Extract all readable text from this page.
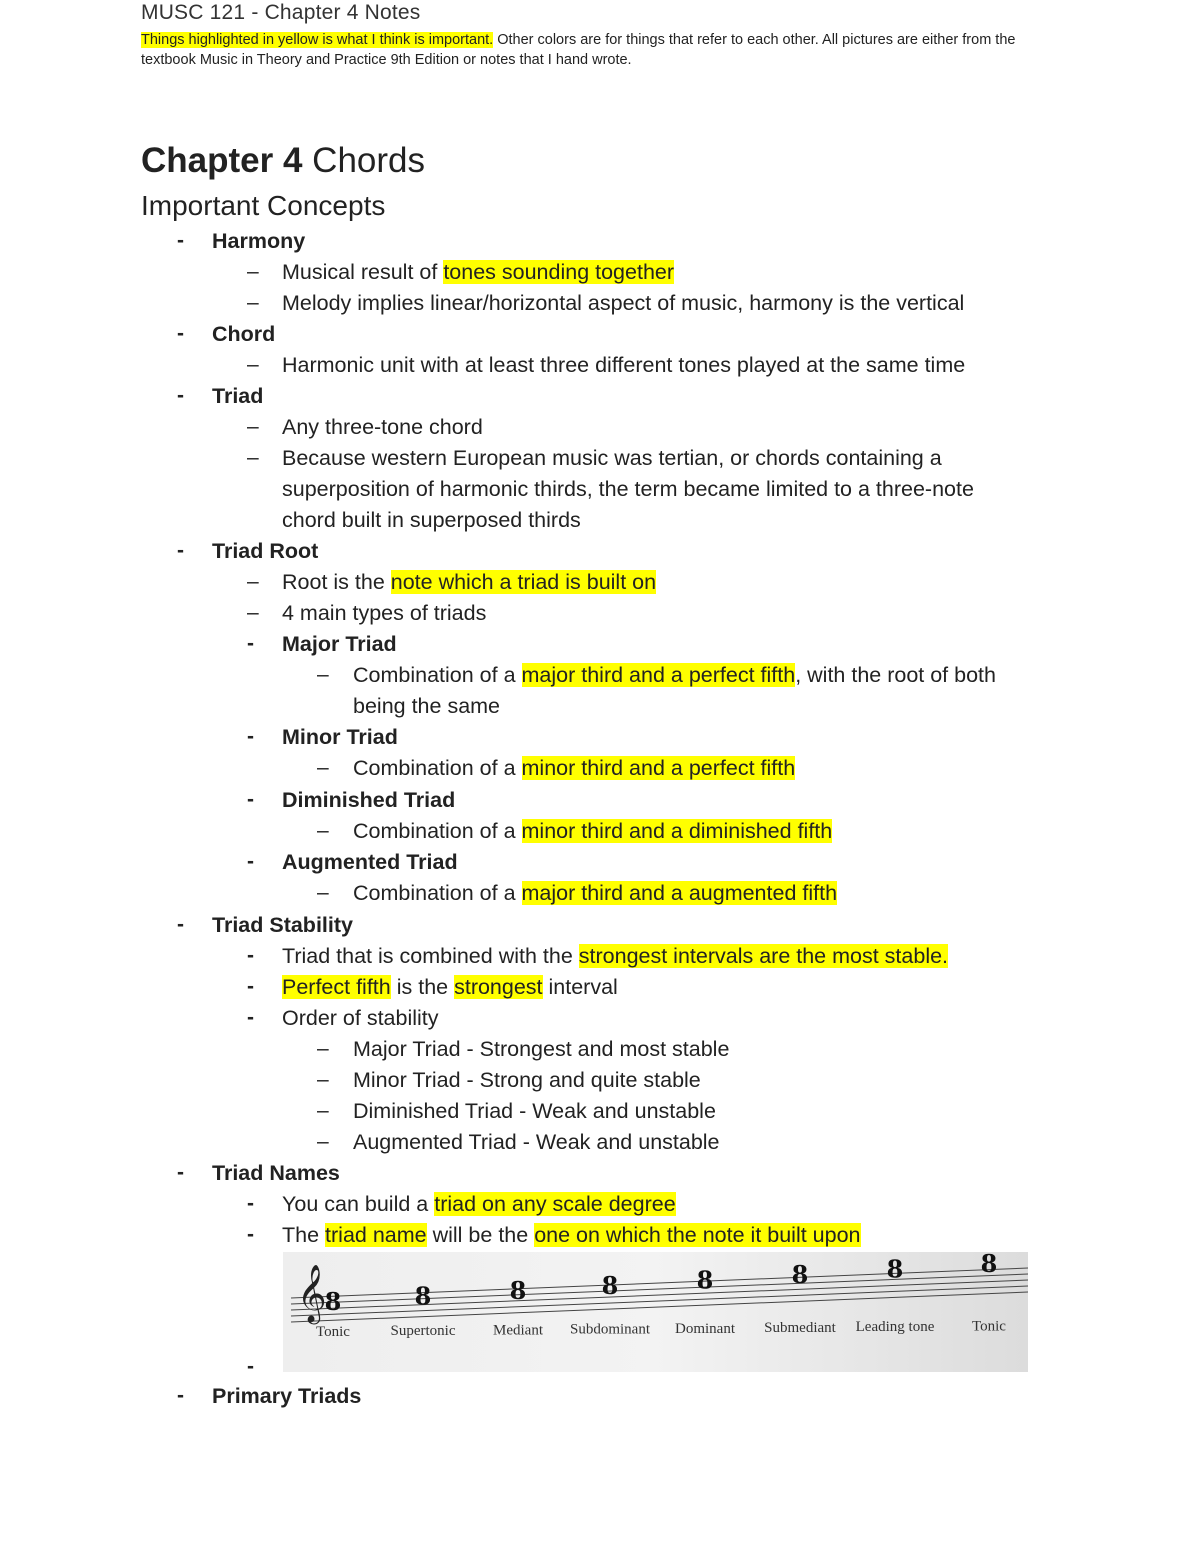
MUSC 121 - Chapter 4 Notes
Things highlighted in yellow is what I think is important. Other colors are for things that refer to each other. All pictures are either from the textbook Music in Theory and Practice 9th Edition or notes that I hand wrote.
Chapter 4 Chords
Important Concepts
- Harmony
– Musical result of tones sounding together
– Melody implies linear/horizontal aspect of music, harmony is the vertical
- Chord
– Harmonic unit with at least three different tones played at the same time
- Triad
– Any three-tone chord
– Because western European music was tertian, or chords containing a
superposition of harmonic thirds, the term became limited to a three-note
chord built in superposed thirds
- Triad Root
– Root is the note which a triad is built on
– 4 main types of triads
- Major Triad
– Combination of a major third and a perfect fifth, with the root of both
being the same
- Minor Triad
– Combination of a minor third and a perfect fifth
- Diminished Triad
– Combination of a minor third and a diminished fifth
- Augmented Triad
– Combination of a major third and a augmented fifth
- Triad Stability
- Triad that is combined with the strongest intervals are the most stable.
- Perfect fifth is the strongest interval
- Order of stability
– Major Triad - Strongest and most stable
– Minor Triad - Strong and quite stable
– Diminished Triad - Weak and unstable
– Augmented Triad - Weak and unstable
- Triad Names
- You can build a triad on any scale degree
- The triad name will be the one on which the note it built upon
𝄞
8	8	8	8	8	8	8	8
Tonic	Supertonic	Mediant Subdominant Dominant Submediant Leading tone	Tonic
-
- Primary Triads
